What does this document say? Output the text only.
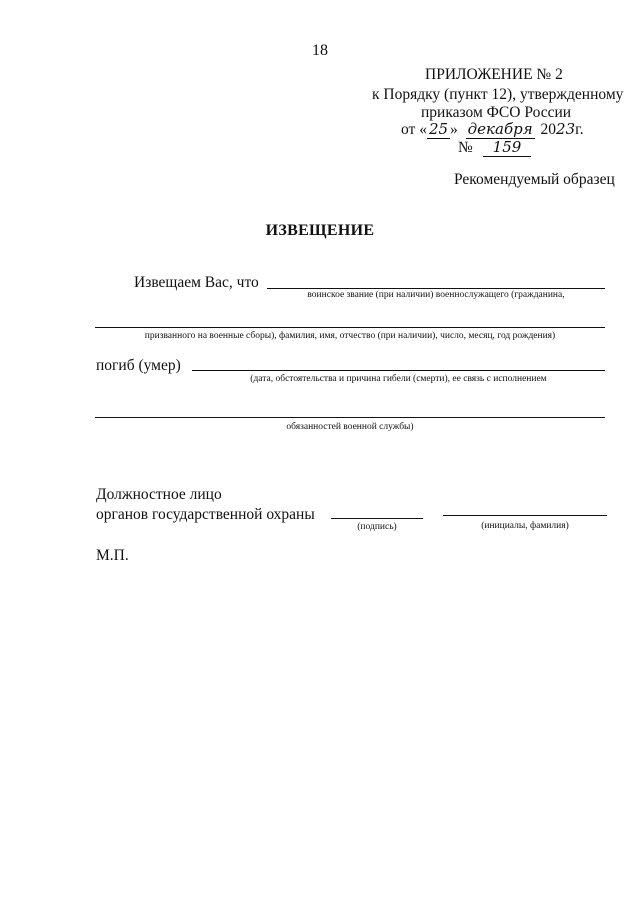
18
ПРИЛОЖЕНИЕ № 2
к Порядку (пункт 12), утвержденному
приказом ФСО России
от « 25 » декабря 2023г.
№ 159
Рекомендуемый образец
ИЗВЕЩЕНИЕ
Извещаем Вас, что
воинское звание (при наличии) военнослужащего (гражданина,
призванного на военные сборы), фамилия, имя, отчество (при наличии), число, месяц, год рождения)
погиб (умер)
(дата, обстоятельства и причина гибели (смерти), ее связь с исполнением
обязанностей военной службы)
Должностное лицо
органов государственной охраны
(подпись)	(инициалы, фамилия)
М.П.
